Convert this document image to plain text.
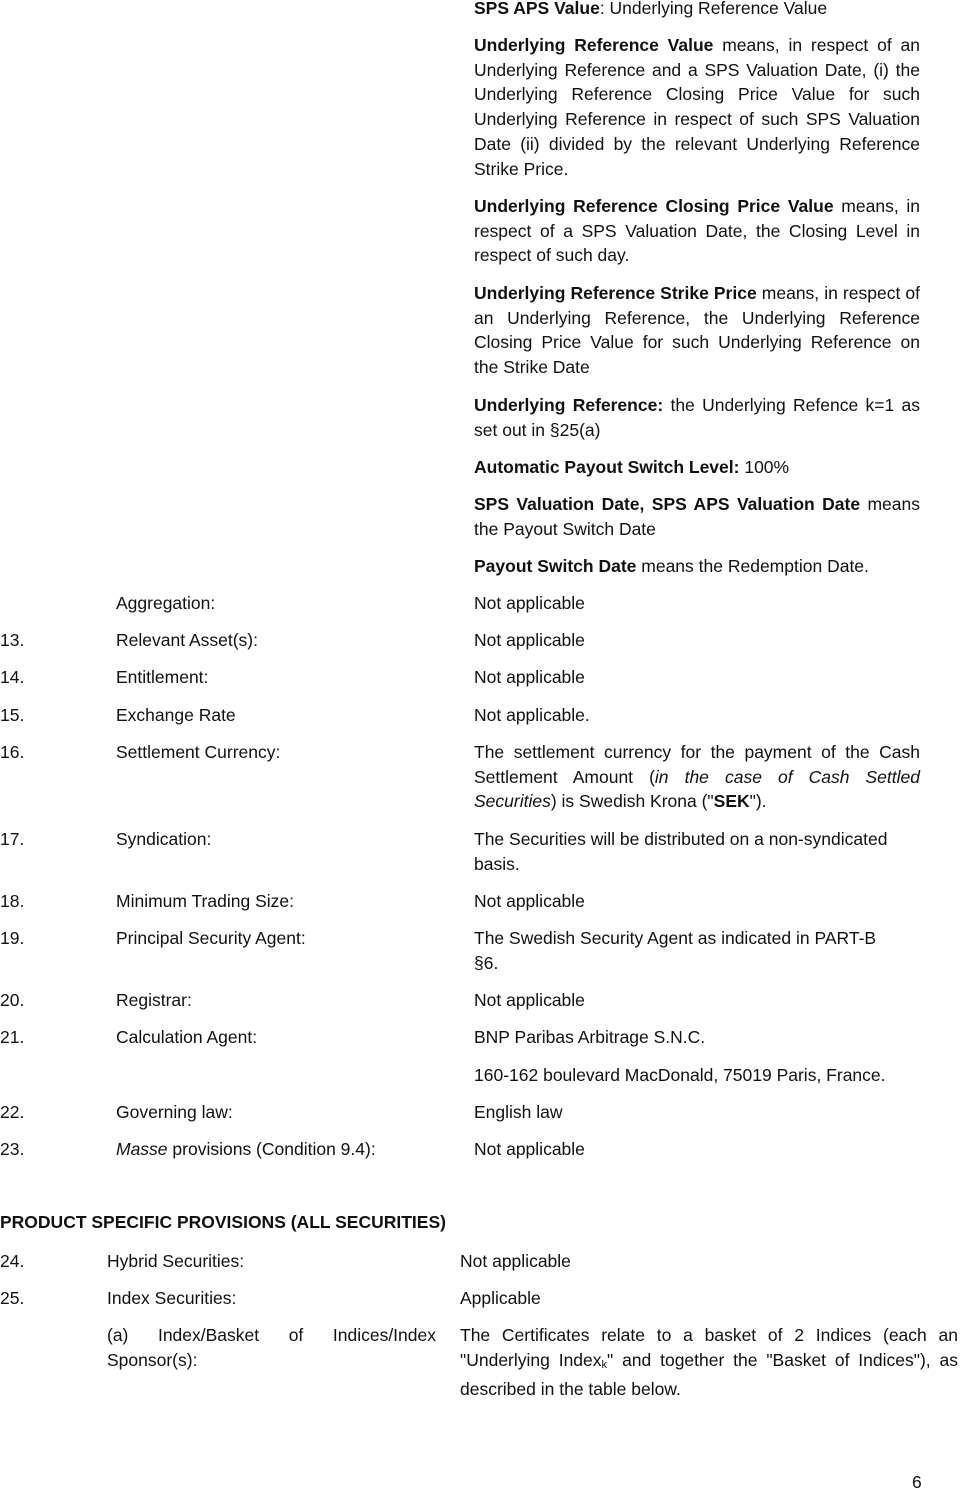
SPS APS Value: Underlying Reference Value
Underlying Reference Value means, in respect of an Underlying Reference and a SPS Valuation Date, (i) the Underlying Reference Closing Price Value for such Underlying Reference in respect of such SPS Valuation Date (ii) divided by the relevant Underlying Reference Strike Price.
Underlying Reference Closing Price Value means, in respect of a SPS Valuation Date, the Closing Level in respect of such day.
Underlying Reference Strike Price means, in respect of an Underlying Reference, the Underlying Reference Closing Price Value for such Underlying Reference on the Strike Date
Underlying Reference: the Underlying Refence k=1 as set out in §25(a)
Automatic Payout Switch Level: 100%
SPS Valuation Date, SPS APS Valuation Date means the Payout Switch Date
Payout Switch Date means the Redemption Date.
Aggregation:	Not applicable
13.	Relevant Asset(s):	Not applicable
14.	Entitlement:	Not applicable
15.	Exchange Rate	Not applicable.
16.	Settlement Currency:	The settlement currency for the payment of the Cash Settlement Amount (in the case of Cash Settled Securities) is Swedish Krona ("SEK").
17.	Syndication:	The Securities will be distributed on a non-syndicated basis.
18.	Minimum Trading Size:	Not applicable
19.	Principal Security Agent:	The Swedish Security Agent as indicated in PART-B
§6.
20.	Registrar:	Not applicable
21.	Calculation Agent:	BNP Paribas Arbitrage S.N.C.
160-162 boulevard MacDonald, 75019 Paris, France.
22.	Governing law:	English law
23.	Masse provisions (Condition 9.4):	Not applicable
PRODUCT SPECIFIC PROVISIONS (ALL SECURITIES)
24.	Hybrid Securities:	Not applicable
25.	Index Securities:	Applicable
(a) Index/Basket of Indices/Index Sponsor(s):
The Certificates relate to a basket of 2 Indices (each an "Underlying Index$_k$" and together the "Basket of Indices"), as described in the table below.
6
